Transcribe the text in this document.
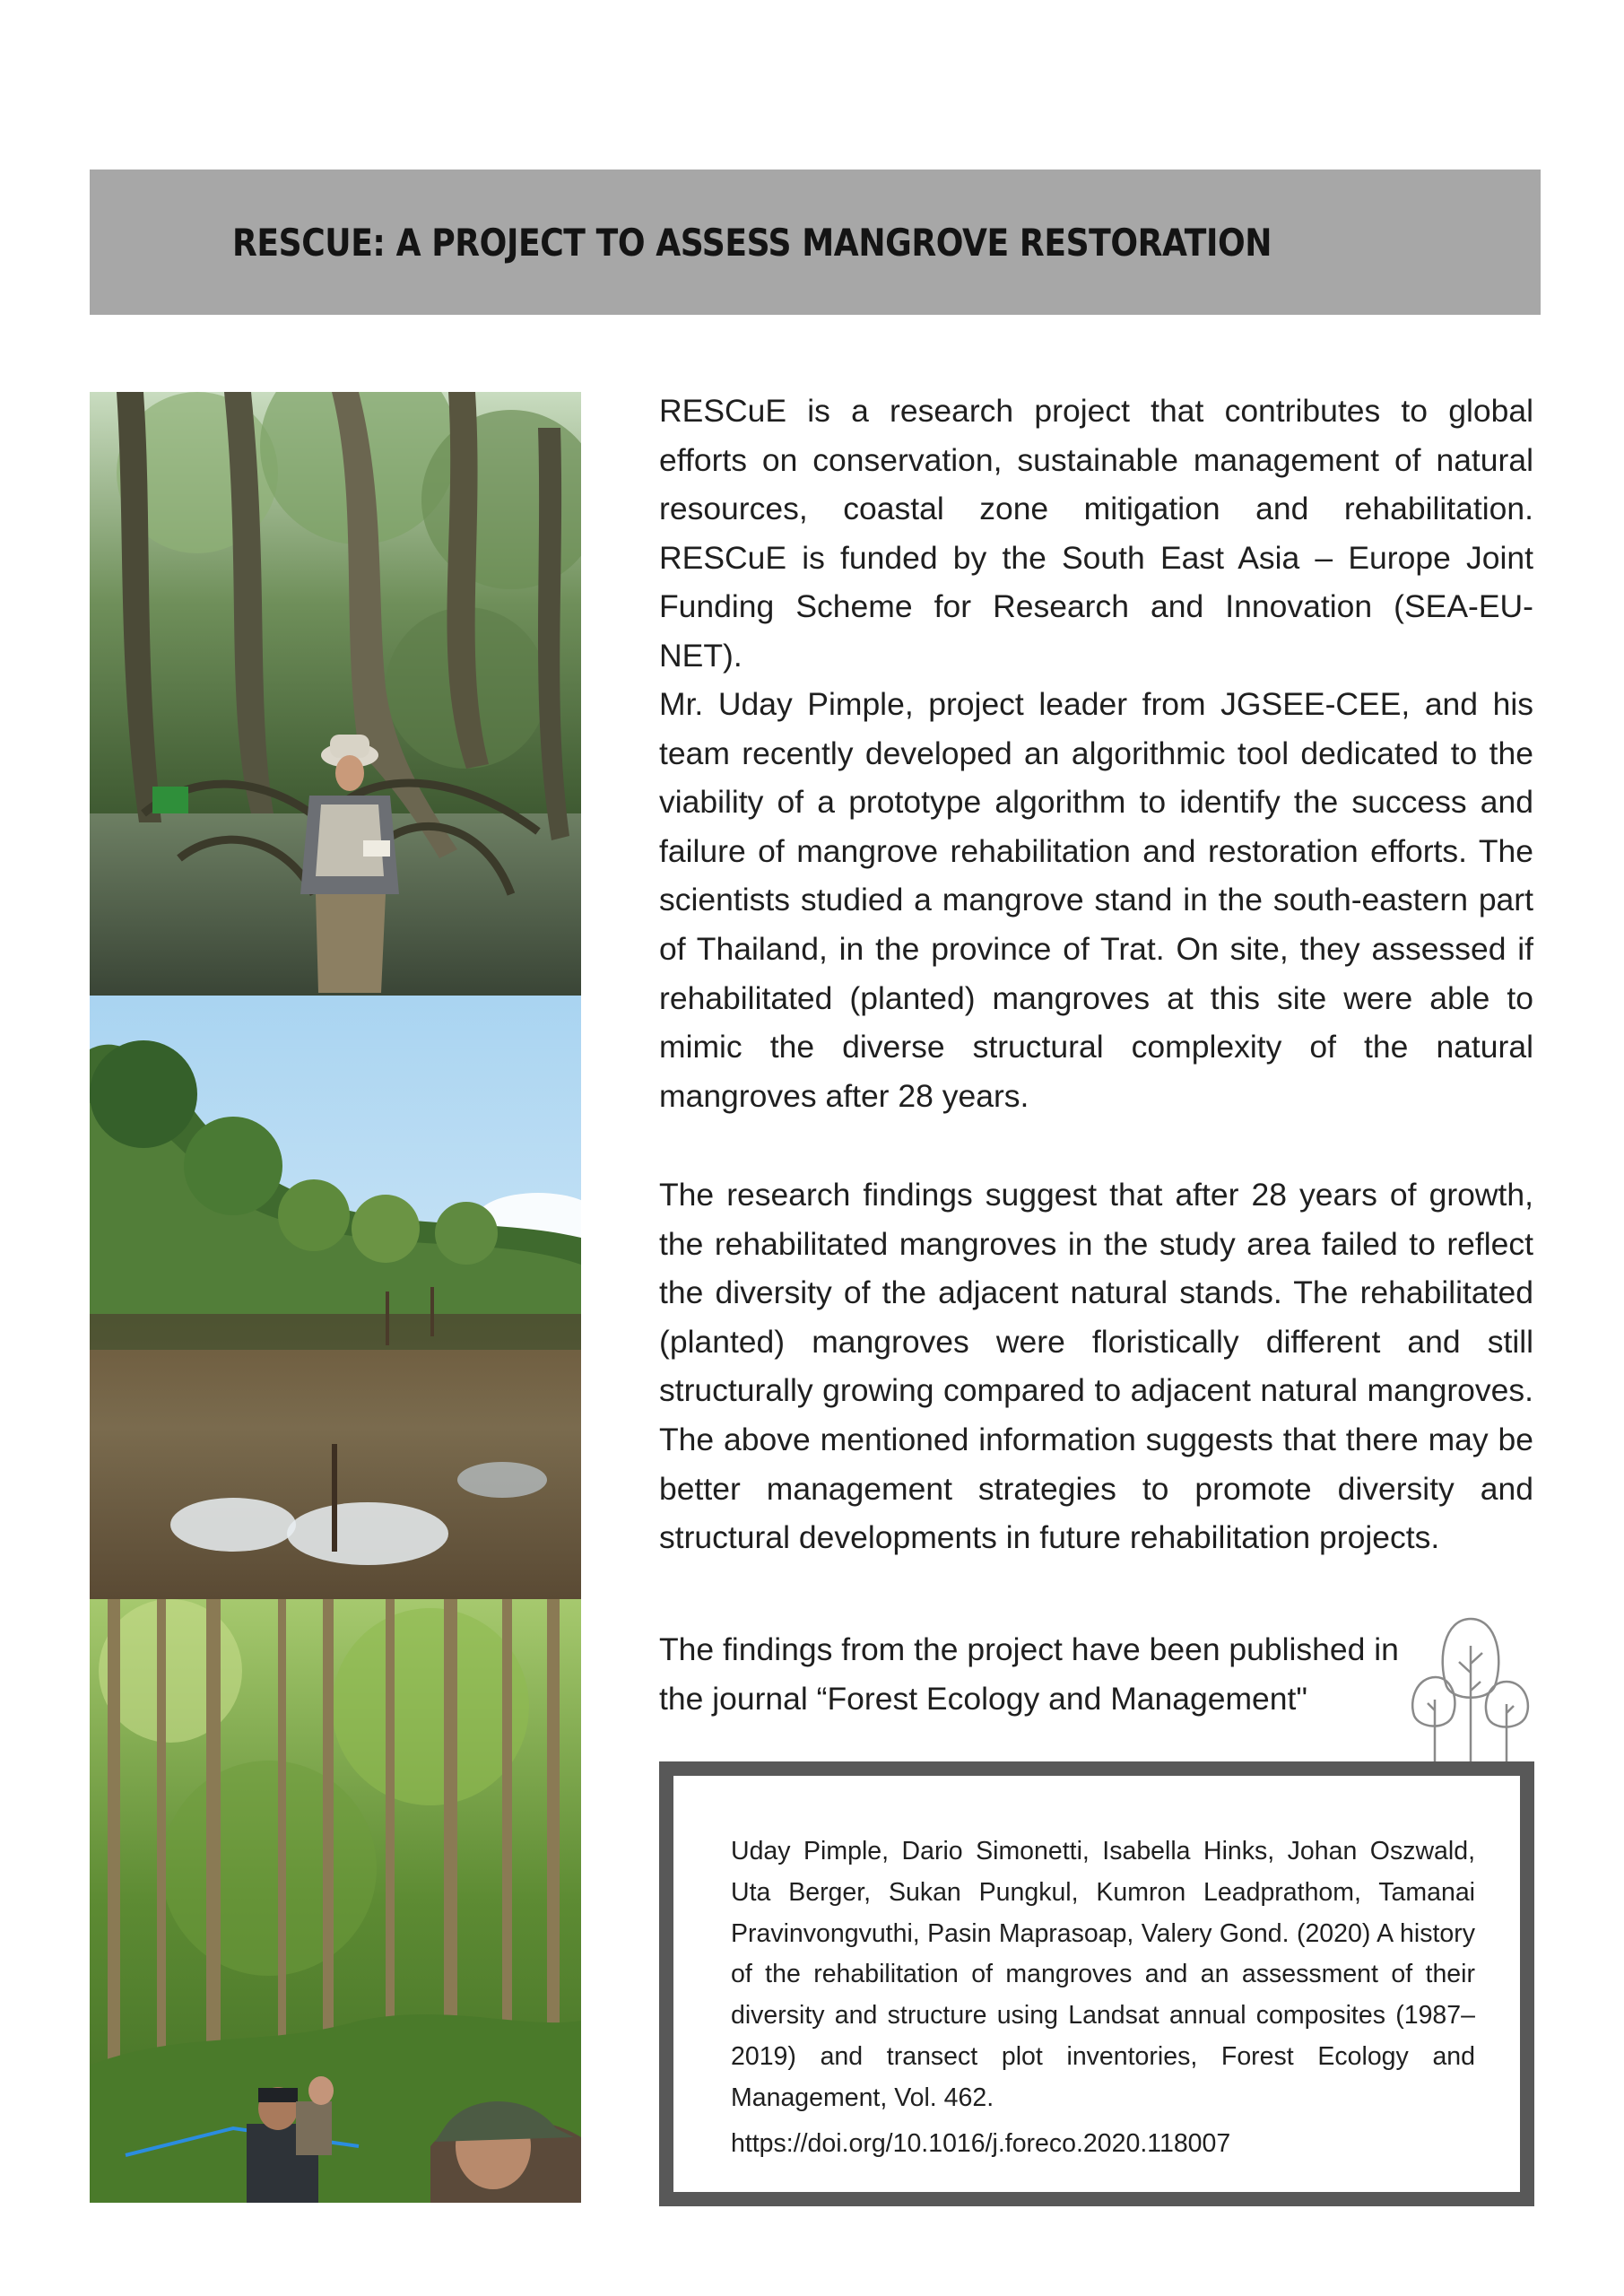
RESCUE: A PROJECT TO ASSESS MANGROVE RESTORATION

RESCuE is a research project that contributes to global efforts on conservation, sustainable management of natural resources, coastal zone mitigation and rehabilitation. RESCuE is funded by the South East Asia – Europe Joint Funding Scheme for Research and Innovation (SEA-EU-NET).

Mr. Uday Pimple, project leader from JGSEE-CEE, and his team recently developed an algorithmic tool dedicated to the viability of a prototype algorithm to identify the success and failure of mangrove rehabilitation and restoration efforts. The scientists studied a mangrove stand in the south-eastern part of Thailand, in the province of Trat. On site, they assessed if rehabilitated (planted) mangroves at this site were able to mimic the diverse structural complexity of the natural mangroves after 28 years.

The research findings suggest that after 28 years of growth, the rehabilitated mangroves in the study area failed to reflect the diversity of the adjacent natural stands. The rehabilitated (planted) mangroves were floristically different and still structurally growing compared to adjacent natural mangroves. The above mentioned information suggests that there may be better management strategies to promote diversity and structural developments in future rehabilitation projects.

The findings from the project have been published in the journal “Forest Ecology and Management"

Uday Pimple, Dario Simonetti, Isabella Hinks, Johan Oszwald, Uta Berger, Sukan Pungkul, Kumron Leadprathom, Tamanai Pravinvongvuthi, Pasin Maprasoap, Valery Gond. (2020) A history of the rehabilitation of mangroves and an assessment of their diversity and structure using Landsat annual composites (1987–2019) and transect plot inventories, Forest Ecology and Management, Vol. 462.

https://doi.org/10.1016/j.foreco.2020.118007
